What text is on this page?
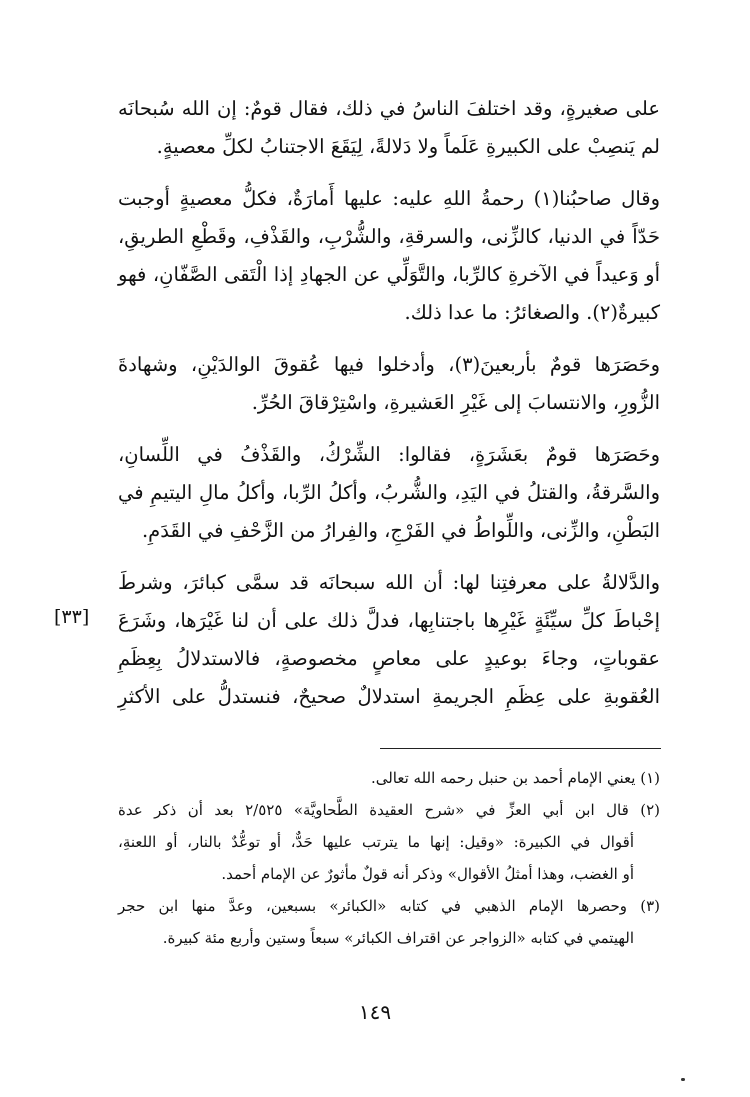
على صغيرةٍ، وقد اختلفَ الناسُ في ذلك، فقال قومٌ: إن الله سُبحانَه
لم يَنصِبْ على الكبيرةِ عَلَماً ولا دَلالةً، لِيَقَعَ الاجتنابُ لكلِّ معصيةٍ.
وقال صاحبُنا(١) رحمةُ اللهِ عليه: عليها أَمارَةٌ، فكلُّ معصيةٍ أوجبت
حَدّاً في الدنيا، كالزِّنى، والسرقةِ، والشُّرْبِ، والقَذْفِ، وقَطْعِ الطريقِ،
أو وَعيداً في الآخرةِ كالرِّبا، والتَّوَلِّي عن الجهادِ إذا الْتَقى الصَّفّانِ، فهو
كبيرةٌ(٢). والصغائرُ: ما عدا ذلك.
وحَصَرَها قومٌ بأربعينَ(٣)، وأدخلوا فيها عُقوقَ الوالدَيْنِ، وشهادةَ
الزُّورِ، والانتسابَ إلى غَيْرِ العَشيرةِ، واسْتِرْقاقَ الحُرِّ.
وحَصَرَها قومٌ بعَشَرَةٍ، فقالوا: الشِّرْكُ، والقَذْفُ في اللِّسانِ،
والسَّرقةُ، والقتلُ في اليَدِ، والشُّربُ، وأكلُ الرِّبا، وأكلُ مالِ اليتيمِ في
البَطْنِ، والزِّنى، واللِّواطُ في الفَرْجِ، والفِرارُ من الزَّحْفِ في القَدَمِ.
والدَّلالةُ على معرفتِنا لها: أن الله سبحانَه قد سمَّى كبائرَ، وشرطَ
إحْباطَ كلِّ سيِّئَةٍ غَيْرِها باجتنابِها، فدلَّ ذلك على أن لنا غَيْرَها، وشَرَعَ
عقوباتٍ، وجاءَ بوعيدٍ على معاصٍ مخصوصةٍ، فالاستدلالُ بِعِظَمِ
العُقوبةِ على عِظَمِ الجريمةِ استدلالٌ صحيحٌ، فنستدلُّ على الأكثرِ
[٣٣]
(١) يعني الإمام أحمد بن حنبل رحمه الله تعالى.
(٢) قال ابن أبي العزِّ في «شرح العقيدة الطَّحاويَّة» ٢/٥٢٥ بعد أن ذكر عدة
أقوال في الكبيرة: «وقيل: إنها ما يترتب عليها حَدٌّ، أو توعُّدٌ بالنار، أو اللعنةِ،
أو الغضب، وهذا أمثلُ الأقوال» وذكر أنه قولٌ مأثورٌ عن الإمام أحمد.
(٣) وحصرها الإمام الذهبي في كتابه «الكبائر» بسبعين، وعدَّ منها ابن حجر
الهيتمي في كتابه «الزواجر عن اقتراف الكبائر» سبعاً وستين وأربع مئة كبيرة.
١٤٩
